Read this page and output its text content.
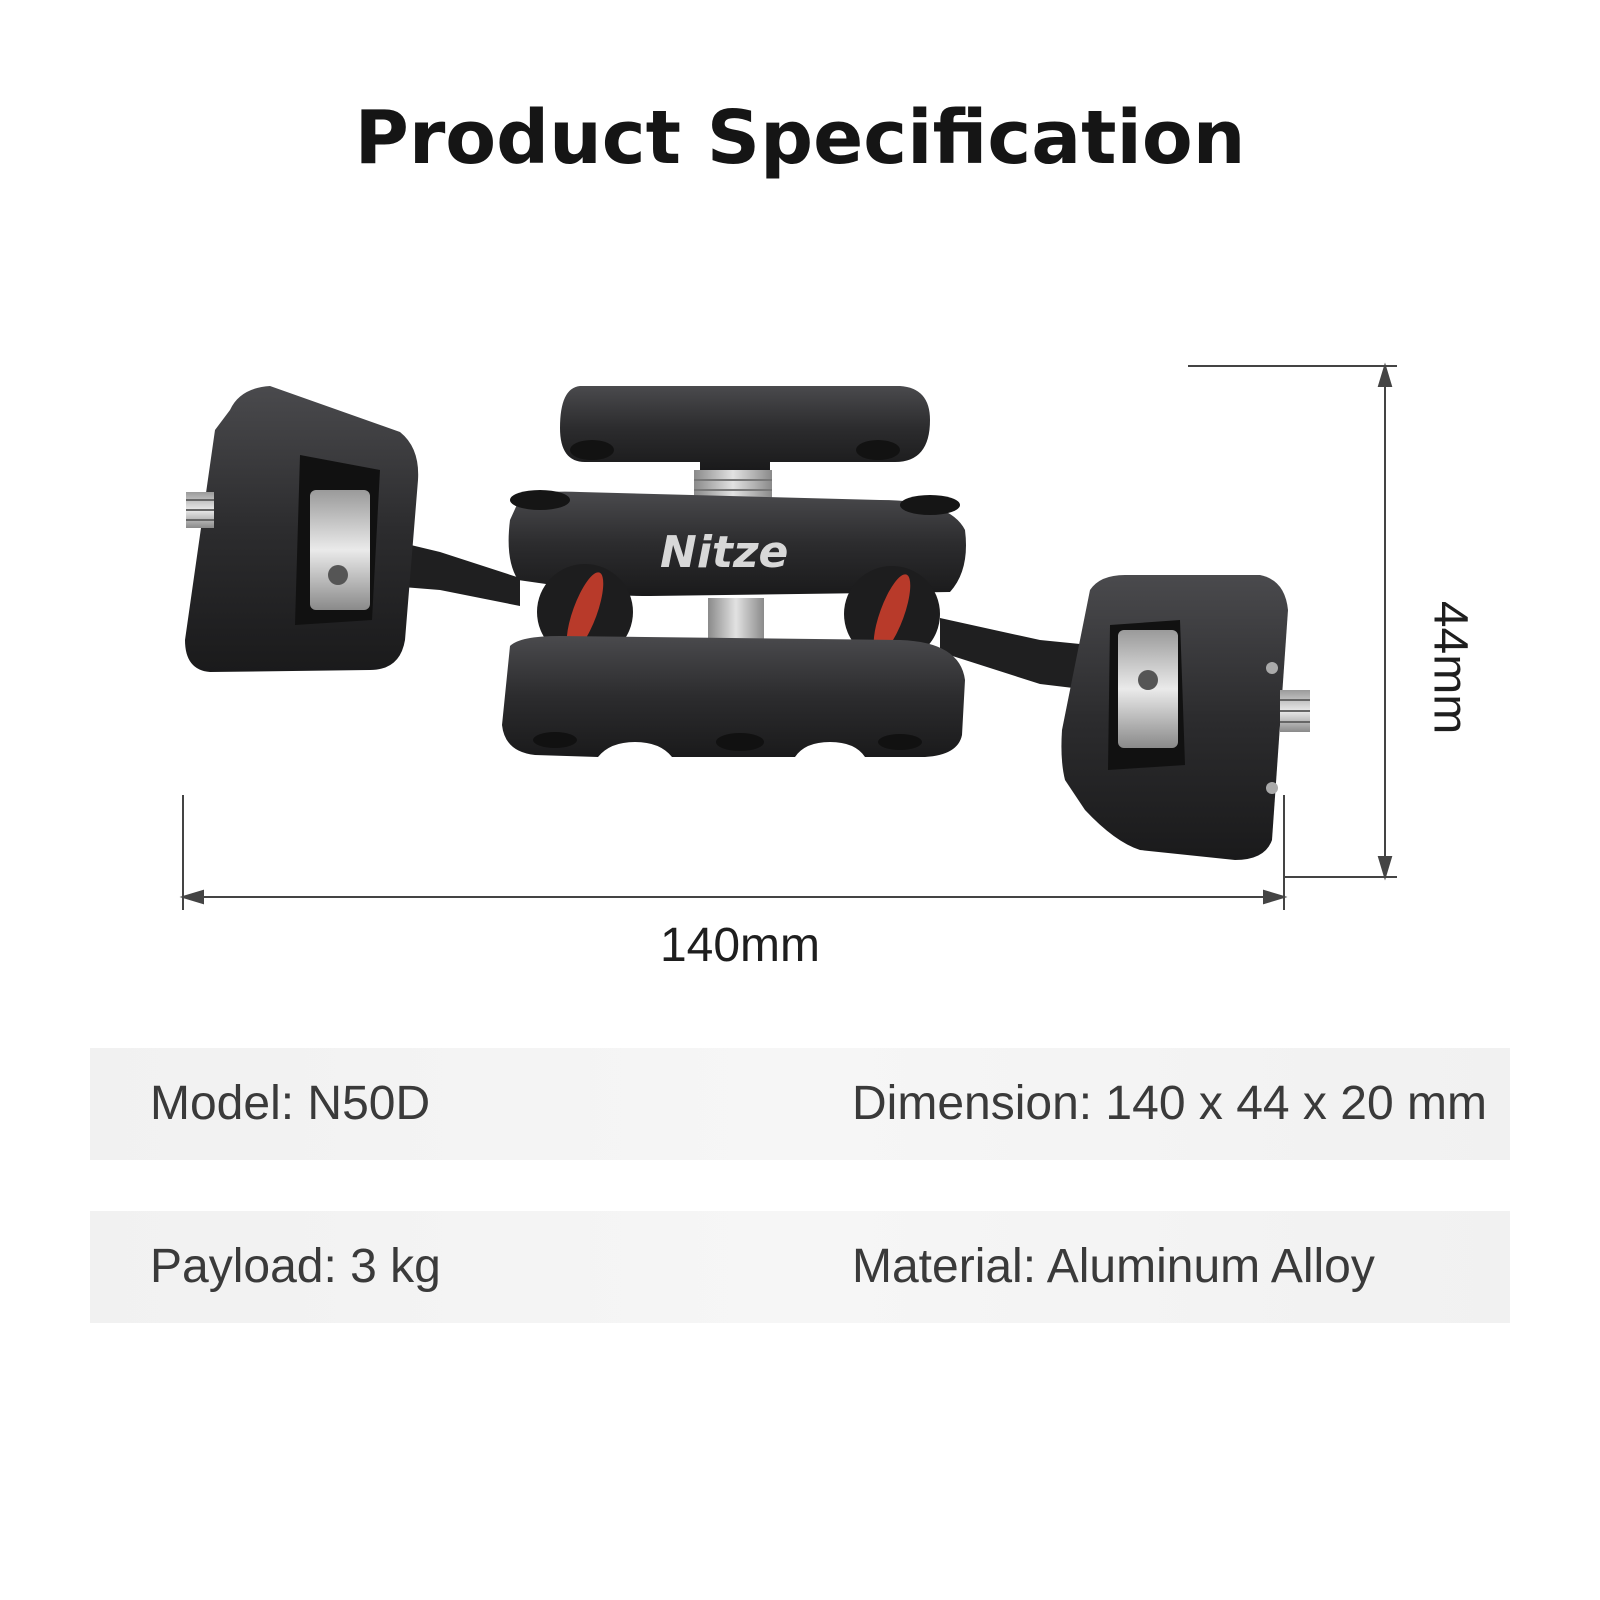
Product Specification
Nitze
140mm
44mm
Model: N50D	Dimension: 140 x 44 x 20 mm
Payload: 3 kg	Material: Aluminum Alloy
